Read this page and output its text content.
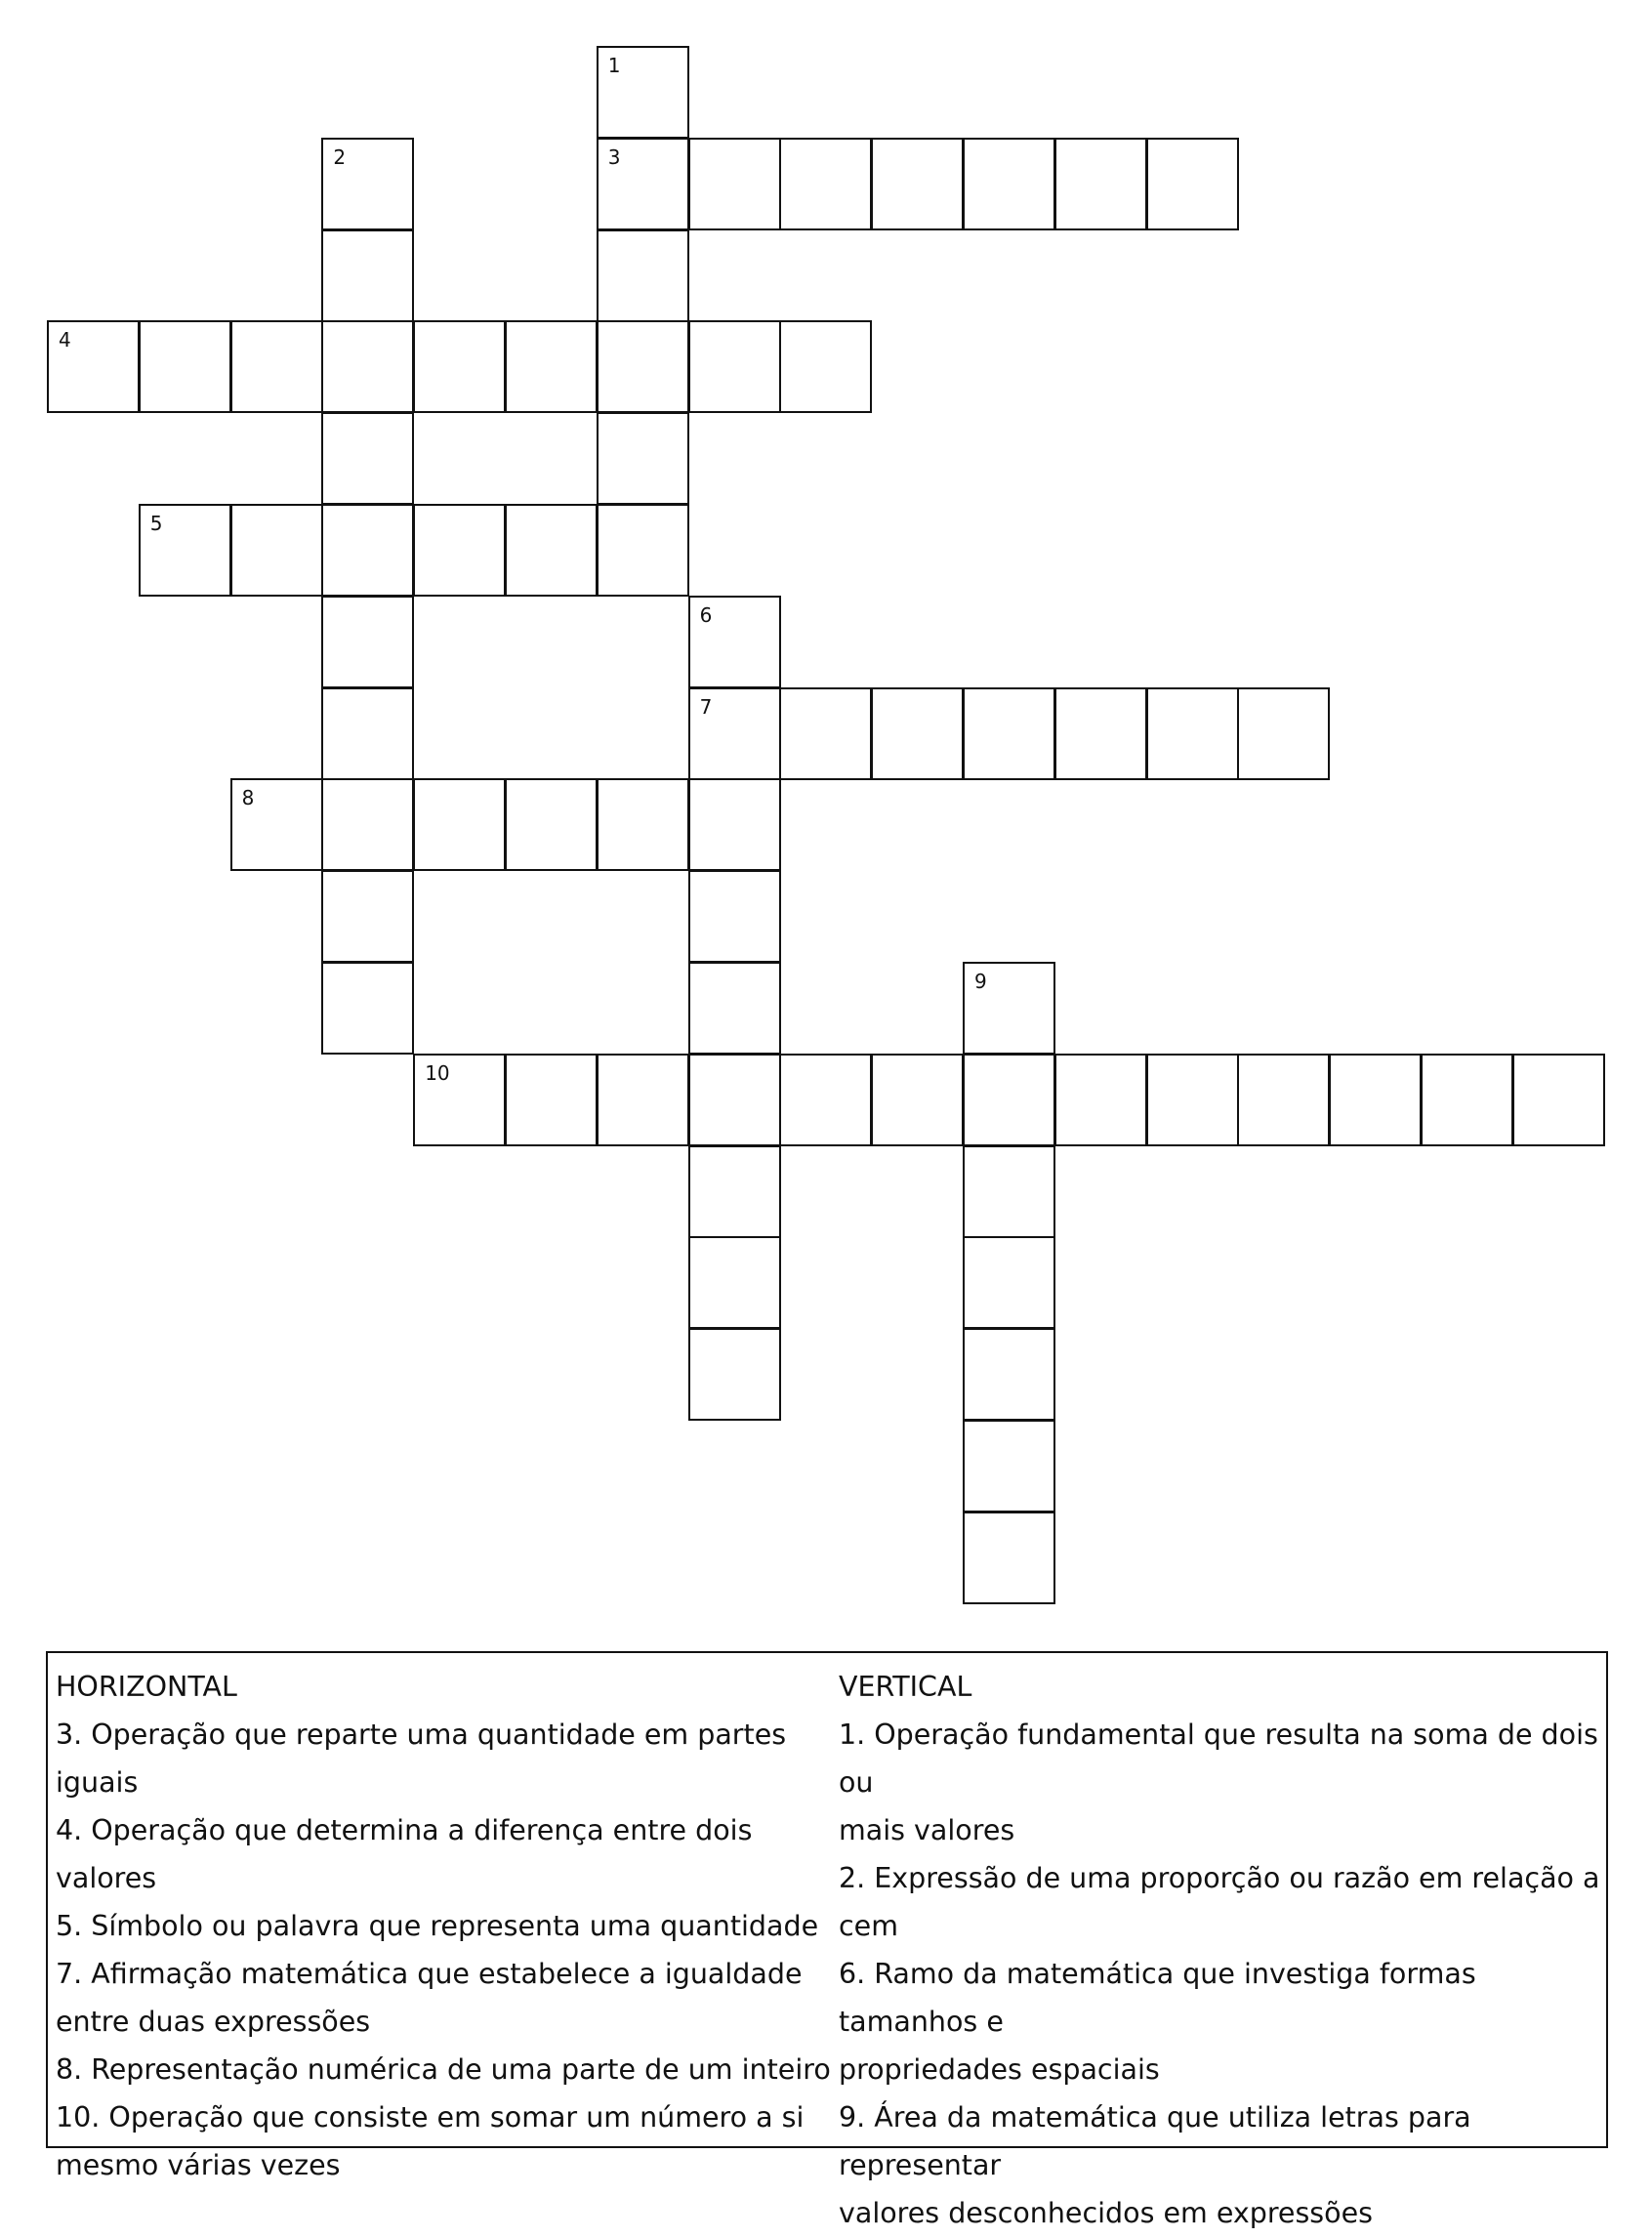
1
2	3
4
5
6
7
8
9
10
HORIZONTAL
3. Operação que reparte uma quantidade em partes iguais
4. Operação que determina a diferença entre dois valores
5. Símbolo ou palavra que representa uma quantidade
7. Afirmação matemática que estabelece a igualdade
entre duas expressões
8. Representação numérica de uma parte de um inteiro
10. Operação que consiste em somar um número a si
mesmo várias vezes
VERTICAL
1. Operação fundamental que resulta na soma de dois ou
mais valores
2. Expressão de uma proporção ou razão em relação a
cem
6. Ramo da matemática que investiga formas tamanhos e
propriedades espaciais
9. Área da matemática que utiliza letras para representar
valores desconhecidos em expressões
